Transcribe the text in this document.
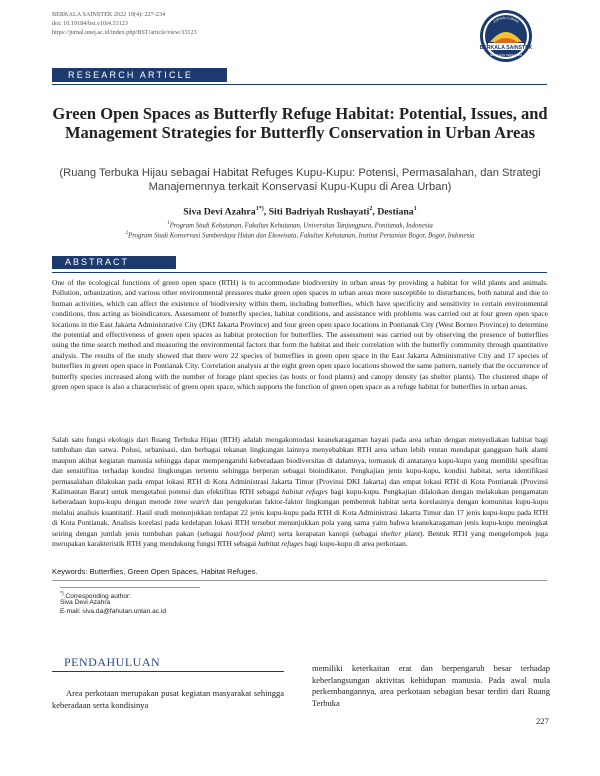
BERKALA SAINSTEK 2022 10(4): 227-234
doi: 10.19184/bst.v10i4.33123
https://jurnal.unej.ac.id/index.php/BST/article/view/33123
BERKALA SAINSTEK
JURNAL ILMIAH
SAINS DAN TEKNOLOGI
RESEARCH ARTICLE
Green Open Spaces as Butterfly Refuge Habitat: Potential, Issues, and Management Strategies for Butterfly Conservation in Urban Areas
(Ruang Terbuka Hijau sebagai Habitat Refuges Kupu-Kupu: Potensi, Permasalahan, dan Strategi Manajemennya terkait Konservasi Kupu-Kupu di Area Urban)
Siva Devi Azahra$^{1*)}$, Siti Badriyah Rushayati$^2$, Destiana$^1$
$^1$Program Studi Kehutanan, Fakultas Kehutanan, Universitas Tanjungpura, Pontianak, Indonesia
$^2$Program Studi Konservasi Sumberdaya Hutan dan Ekowisata, Fakultas Kehutanan, Institut Pertanian Bogor, Bogor, Indonesia
ABSTRACT
One of the ecological functions of green open space (RTH) is to accommodate biodiversity in urban areas by providing a habitat for wild plants and animals. Pollution, urbanization, and various other environmental pressures make green open spaces in urban areas more susceptible to disturbances, both natural and due to human activities, which can affect the existence of biodiversity within them, including butterflies, which have specificity and sensitivity to certain environmental conditions, thus acting as bioindicators. Assessment of butterfly species, habitat conditions, and assistance with problems was carried out at four green open space locations in the East Jakarta Administrative City (DKI Jakarta Province) and four green open space locations in Pontianak City (West Borneo Province) to determine the potential and effectiveness of green open spaces as habitat protection for butterflies. The assessment was carried out by observing the presence of butterflies using the time search method and measuring the environmental factors that form the habitat and their correlation with the butterfly community through quantitative analysis. The results of the study showed that there were 22 species of butterflies in green open space in the East Jakarta Administrative City and 17 species of butterflies in green open space in Pontianak City. Correlation analysis at the eight green open space locations showed the same pattern, namely that the occurrence of butterfly species increased along with the number of forage plant species (as hosts or food plants) and canopy density (as shelter plants). The clustered shape of green open space is also a characteristic of green open space, which supports the function of green open space as a refuge habitat for butterflies in urban areas.
Salah satu fungsi ekologis dari Ruang Terbuka Hijau (RTH) adalah mengakomodasi keanekaragaman hayati pada area urban dengan menyediakan habitat bagi tumbuhan dan satwa. Polusi, urbanisasi, dan berbagai tekanan lingkungan lainnya menyebabkan RTH area urban lebih rentan mendapat gangguan baik alami maupun akibat kegiatan manusia sehingga dapat mempengaruhi keberadaan biodiversitas di dalamnya, termasuk di antaranya kupu-kupu yang memiliki spesifitas dan sensitifitas terhadap kondisi lingkungan tertentu sehingga berperan sebagai bioindikator. Pengkajian jenis kupu-kupu, kondisi habitat, serta identifikasi permasalahan dilakukan pada empat lokasi RTH di Kota Administrasi Jakarta Timur (Provinsi DKI Jakarta) dan empat lokasi RTH di Kota Pontianak (Provinsi Kalimantan Barat) untuk mengetahui potensi dan efektifitas RTH sebagai habitat refuges bagi kupu-kupu. Pengkajian dilakukan dengan melakukan pengamatan keberadaan kupu-kupu dengan metode time search dan pengukuran faktor-faktor lingkungan pembentuk habitat serta korelasinya dengan komunitas kupu-kupu melalui analisis kuantitatif. Hasil studi menunjukkan terdapat 22 jenis kupu-kupu pada RTH di Kota Administrasi Jakarta Timur dan 17 jenis kupu-kupu pada RTH di Kota Pontianak. Analisis korelasi pada kedelapan lokasi RTH tersebut menunjukkan pola yang sama yaitu bahwa keanekaragaman jenis kupu-kupu meningkat seiring dengan jumlah jenis tumbuhan pakan (sebagai host/food plant) serta kerapatan kanopi (sebagai shelter plant). Bentuk RTH yang mengelompok juga merupakan karakteristik RTH yang mendukung fungsi RTH sebagai habitat refuges bagi kupu-kupu di area perkotaan.
Keywords: Butterflies, Green Open Spaces, Habitat Refuges.
*) Corresponding author:
Siva Devi Azahra
E-mail: siva.da@fahutan.untan.ac.id
PENDAHULUAN
Area perkotaan merupakan pusat kegiatan masyarakat sehingga keberadaan serta kondisinya
memiliki keterkaitan erat dan berpengaruh besar terhadap keberlangsungan aktivitas kehidupan manusia. Pada awal mula perkembangannya, area perkotaan sebagian besar terdiri dari Ruang Terbuka
227
